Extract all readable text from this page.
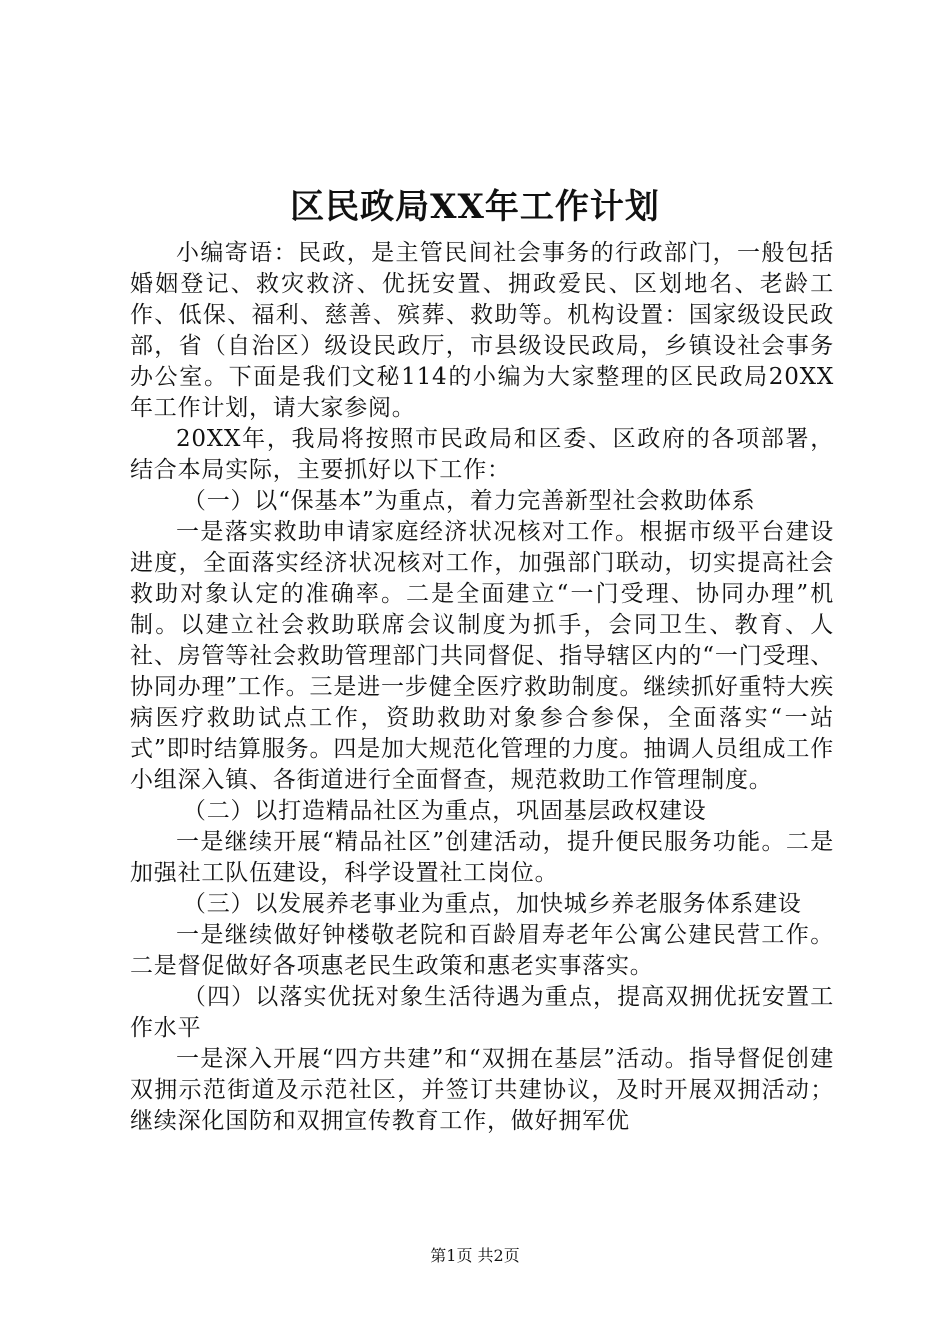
区民政局XX年工作计划

小编寄语：民政，是主管民间社会事务的行政部门，一般包括婚姻登记、救灾救济、优抚安置、拥政爱民、区划地名、老龄工作、低保、福利、慈善、殡葬、救助等。机构设置：国家级设民政部，省（自治区）级设民政厅，市县级设民政局，乡镇设社会事务办公室。下面是我们文秘114的小编为大家整理的区民政局20XX年工作计划，请大家参阅。

20XX年，我局将按照市民政局和区委、区政府的各项部署，结合本局实际，主要抓好以下工作：

（一）以“保基本”为重点，着力完善新型社会救助体系

一是落实救助申请家庭经济状况核对工作。根据市级平台建设进度，全面落实经济状况核对工作，加强部门联动，切实提高社会救助对象认定的准确率。二是全面建立“一门受理、协同办理”机制。以建立社会救助联席会议制度为抓手，会同卫生、教育、人社、房管等社会救助管理部门共同督促、指导辖区内的“一门受理、协同办理”工作。三是进一步健全医疗救助制度。继续抓好重特大疾病医疗救助试点工作，资助救助对象参合参保，全面落实“一站式”即时结算服务。四是加大规范化管理的力度。抽调人员组成工作小组深入镇、各街道进行全面督查，规范救助工作管理制度。

（二）以打造精品社区为重点，巩固基层政权建设

一是继续开展“精品社区”创建活动，提升便民服务功能。二是加强社工队伍建设，科学设置社工岗位。

（三）以发展养老事业为重点，加快城乡养老服务体系建设

一是继续做好钟楼敬老院和百龄眉寿老年公寓公建民营工作。二是督促做好各项惠老民生政策和惠老实事落实。

（四）以落实优抚对象生活待遇为重点，提高双拥优抚安置工作水平

一是深入开展“四方共建”和“双拥在基层”活动。指导督促创建双拥示范街道及示范社区，并签订共建协议，及时开展双拥活动；继续深化国防和双拥宣传教育工作，做好拥军优

第1页 共2页
